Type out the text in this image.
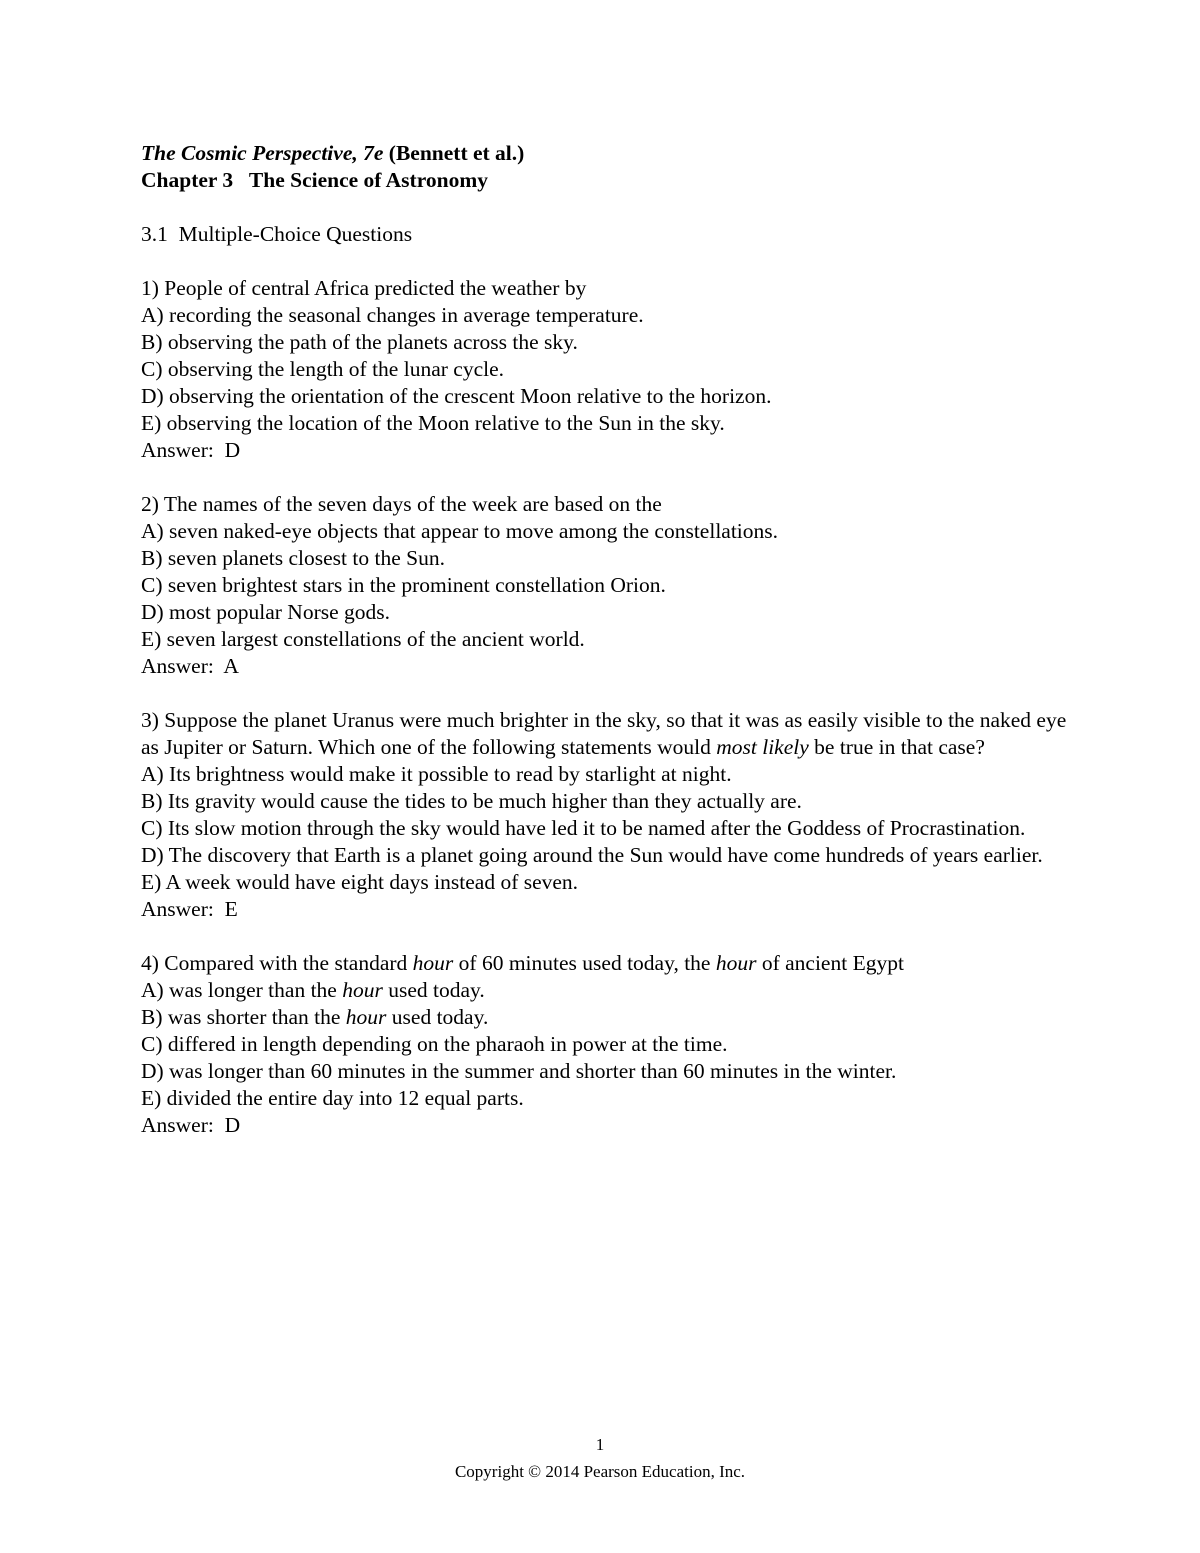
The Cosmic Perspective, 7e (Bennett et al.)

Chapter 3   The Science of Astronomy

3.1  Multiple-Choice Questions

1) People of central Africa predicted the weather by

A) recording the seasonal changes in average temperature.

B) observing the path of the planets across the sky.

C) observing the length of the lunar cycle.

D) observing the orientation of the crescent Moon relative to the horizon.

E) observing the location of the Moon relative to the Sun in the sky.

Answer:  D

2) The names of the seven days of the week are based on the

A) seven naked-eye objects that appear to move among the constellations.

B) seven planets closest to the Sun.

C) seven brightest stars in the prominent constellation Orion.

D) most popular Norse gods.

E) seven largest constellations of the ancient world.

Answer:  A

3) Suppose the planet Uranus were much brighter in the sky, so that it was as easily visible to the naked eye as Jupiter or Saturn. Which one of the following statements would most likely be true in that case?

A) Its brightness would make it possible to read by starlight at night.

B) Its gravity would cause the tides to be much higher than they actually are.

C) Its slow motion through the sky would have led it to be named after the Goddess of Procrastination.

D) The discovery that Earth is a planet going around the Sun would have come hundreds of years earlier.

E) A week would have eight days instead of seven.

Answer:  E

4) Compared with the standard hour of 60 minutes used today, the hour of ancient Egypt

A) was longer than the hour used today.

B) was shorter than the hour used today.

C) differed in length depending on the pharaoh in power at the time.

D) was longer than 60 minutes in the summer and shorter than 60 minutes in the winter.

E) divided the entire day into 12 equal parts.

Answer:  D

1
Copyright © 2014 Pearson Education, Inc.
